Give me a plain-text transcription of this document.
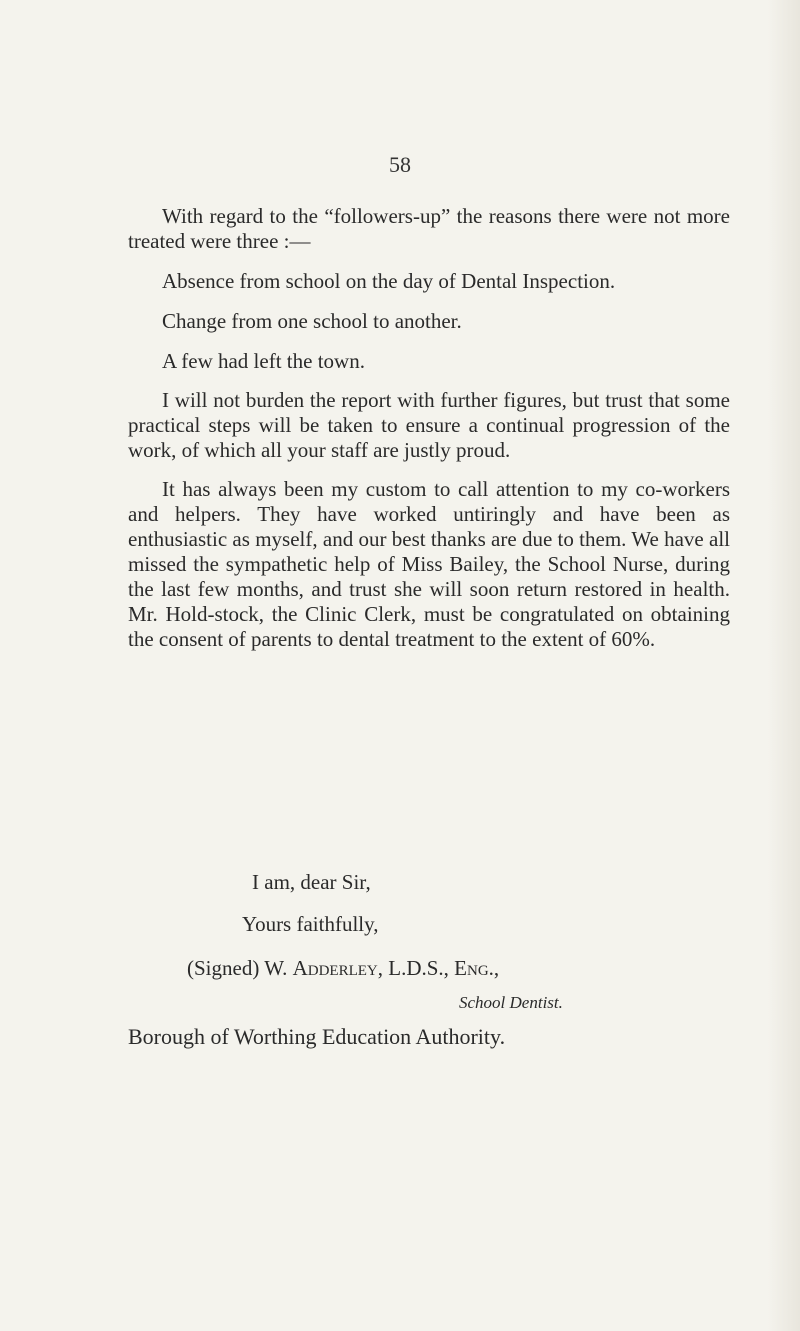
58

With regard to the “followers-up” the reasons there were not more treated were three :—

Absence from school on the day of Dental Inspection.

Change from one school to another.

A few had left the town.

I will not burden the report with further figures, but trust that some practical steps will be taken to ensure a continual progression of the work, of which all your staff are justly proud.

It has always been my custom to call attention to my co-workers and helpers. They have worked untiringly and have been as enthusiastic as myself, and our best thanks are due to them. We have all missed the sympathetic help of Miss Bailey, the School Nurse, during the last few months, and trust she will soon return restored in health. Mr. Hold-stock, the Clinic Clerk, must be congratulated on obtaining the consent of parents to dental treatment to the extent of 60%.

I am, dear Sir,
Yours faithfully,
(Signed) W. Adderley, L.D.S., Eng.,
School Dentist.
Borough of Worthing Education Authority.
